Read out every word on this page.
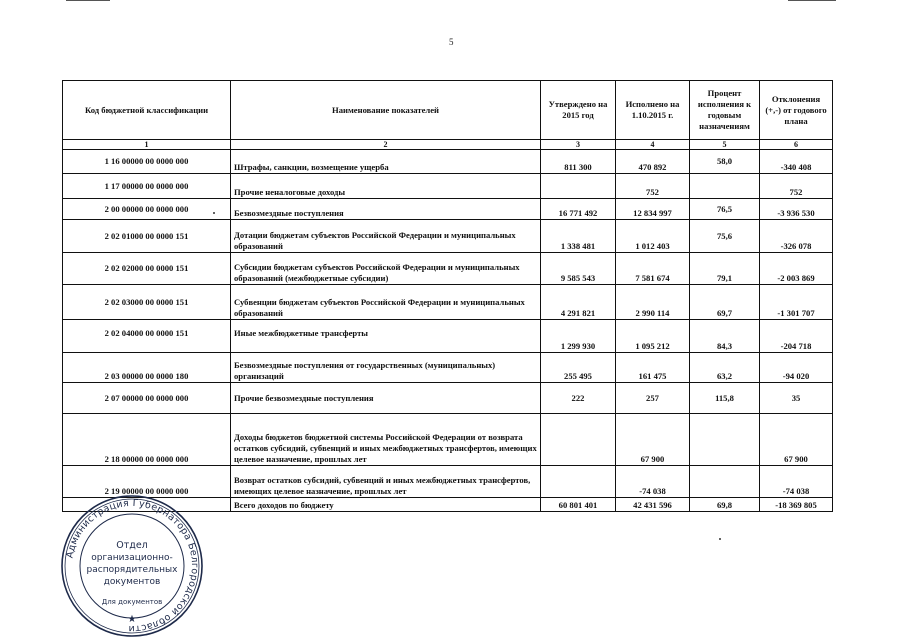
5
Код бюджетной классификации	Наименование показателей	Утверждено на 2015 год	Исполнено на 1.10.2015 г.	Процент исполнения к годовым назначениям	Отклонения (+,-) от годового плана
1	2	3	4	5	6
1 16 00000 00 0000 000	Штрафы, санкции, возмещение ущерба	811 300	470 892	58,0	-340 408
1 17 00000 00 0000 000	Прочие неналоговые доходы		752		752
2 00 00000 00 0000 000	Безвозмездные поступления	16 771 492	12 834 997	76,5	-3 936 530
2 02 01000 00 0000 151	Дотации бюджетам субъектов Российской Федерации и муниципальных образований	1 338 481	1 012 403	75,6	-326 078
2 02 02000 00 0000 151	Субсидии бюджетам субъектов Российской Федерации и муниципальных образований (межбюджетные субсидии)	9 585 543	7 581 674	79,1	-2 003 869
2 02 03000 00 0000 151	Субвенции бюджетам субъектов Российской Федерации и муниципальных образований	4 291 821	2 990 114	69,7	-1 301 707
2 02 04000 00 0000 151	Иные межбюджетные трансферты	1 299 930	1 095 212	84,3	-204 718
2 03 00000 00 0000 180	Безвозмездные поступления от государственных (муниципальных) организаций	255 495	161 475	63,2	-94 020
2 07 00000 00 0000 000	Прочие безвозмездные поступления	222	257	115,8	35
2 18 00000 00 0000 000	Доходы бюджетов бюджетной системы Российской Федерации от возврата остатков субсидий, субвенций и иных межбюджетных трансфертов, имеющих целевое назначение, прошлых лет		67 900		67 900
2 19 00000 00 0000 000	Возврат остатков субсидий, субвенций и иных межбюджетных трансфертов, имеющих целевое назначение, прошлых лет		-74 038		-74 038
	Всего доходов по бюджету	60 801 401	42 431 596	69,8	-18 369 805
Администрация Губернатора Белгородской области
Отдел
организационно-
распорядительных
документов
Для документов
★
